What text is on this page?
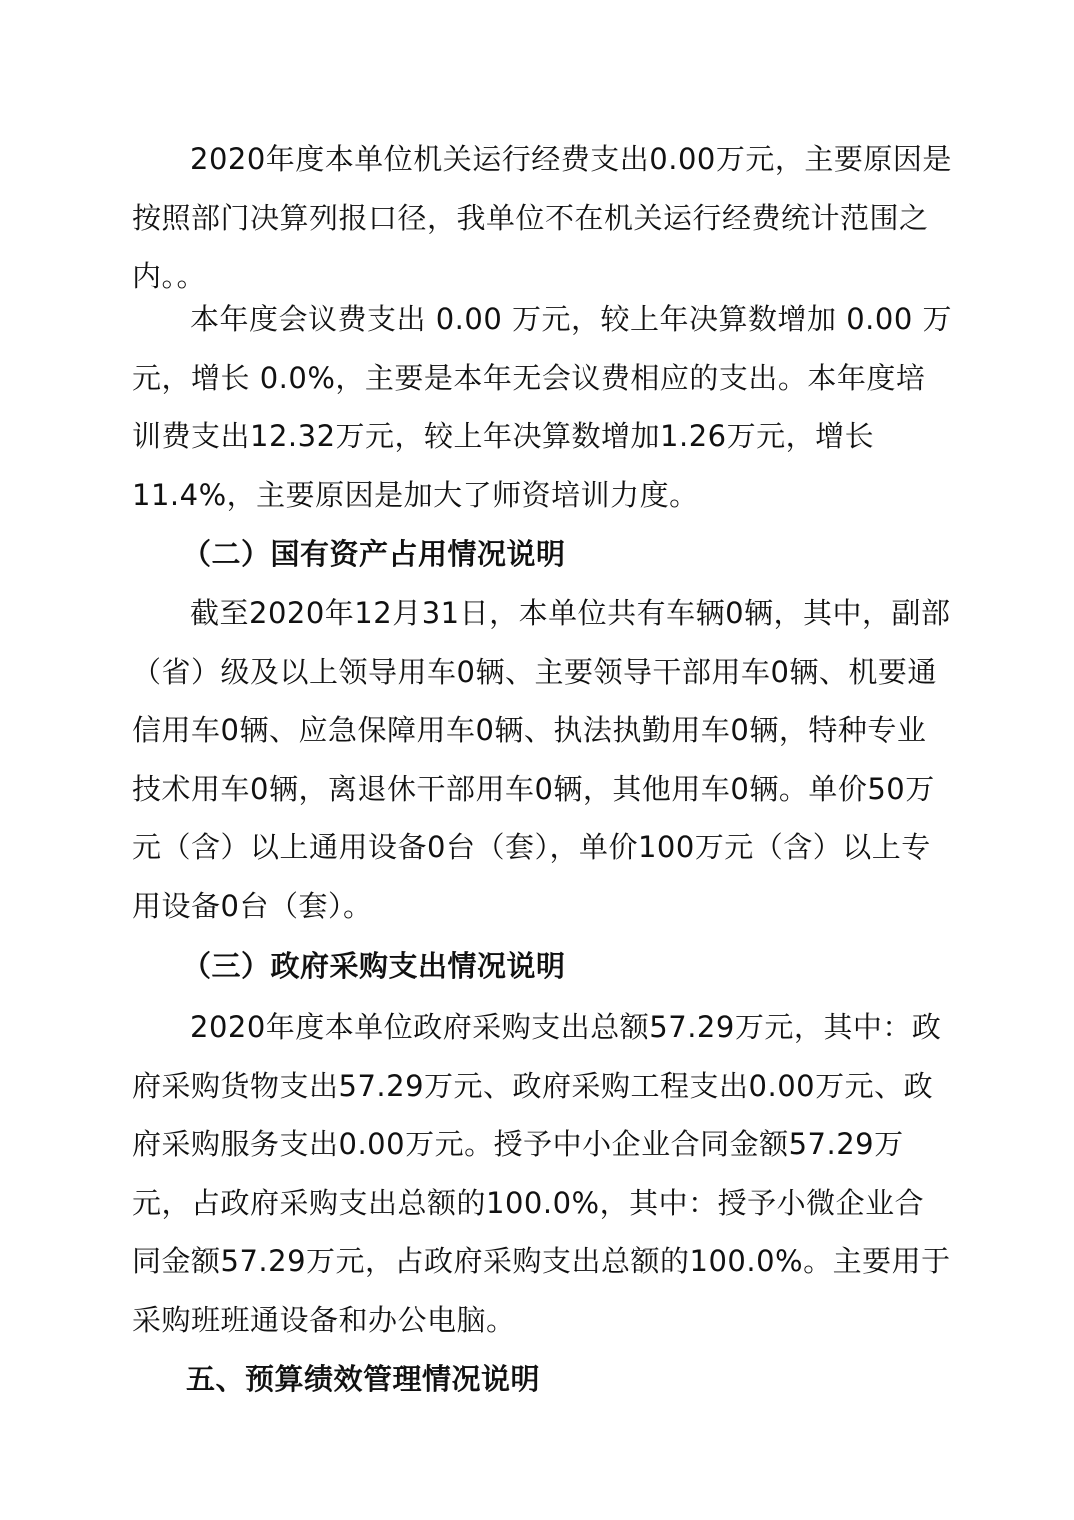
2020年度本单位机关运行经费支出0.00万元，主要原因是按照部门决算列报口径，我单位不在机关运行经费统计范围之内。。

本年度会议费支出 0.00 万元，较上年决算数增加 0.00 万元，增长 0.0%，主要是本年无会议费相应的支出。本年度培训费支出12.32万元，较上年决算数增加1.26万元，增长11.4%，主要原因是加大了师资培训力度。

（二）国有资产占用情况说明

截至2020年12月31日，本单位共有车辆0辆，其中，副部（省）级及以上领导用车0辆、主要领导干部用车0辆、机要通信用车0辆、应急保障用车0辆、执法执勤用车0辆，特种专业技术用车0辆，离退休干部用车0辆，其他用车0辆。单价50万元（含）以上通用设备0台（套），单价100万元（含）以上专用设备0台（套）。

（三）政府采购支出情况说明

2020年度本单位政府采购支出总额57.29万元，其中：政府采购货物支出57.29万元、政府采购工程支出0.00万元、政府采购服务支出0.00万元。授予中小企业合同金额57.29万元，占政府采购支出总额的100.0%，其中：授予小微企业合同金额57.29万元，占政府采购支出总额的100.0%。主要用于采购班班通设备和办公电脑。

五、预算绩效管理情况说明
